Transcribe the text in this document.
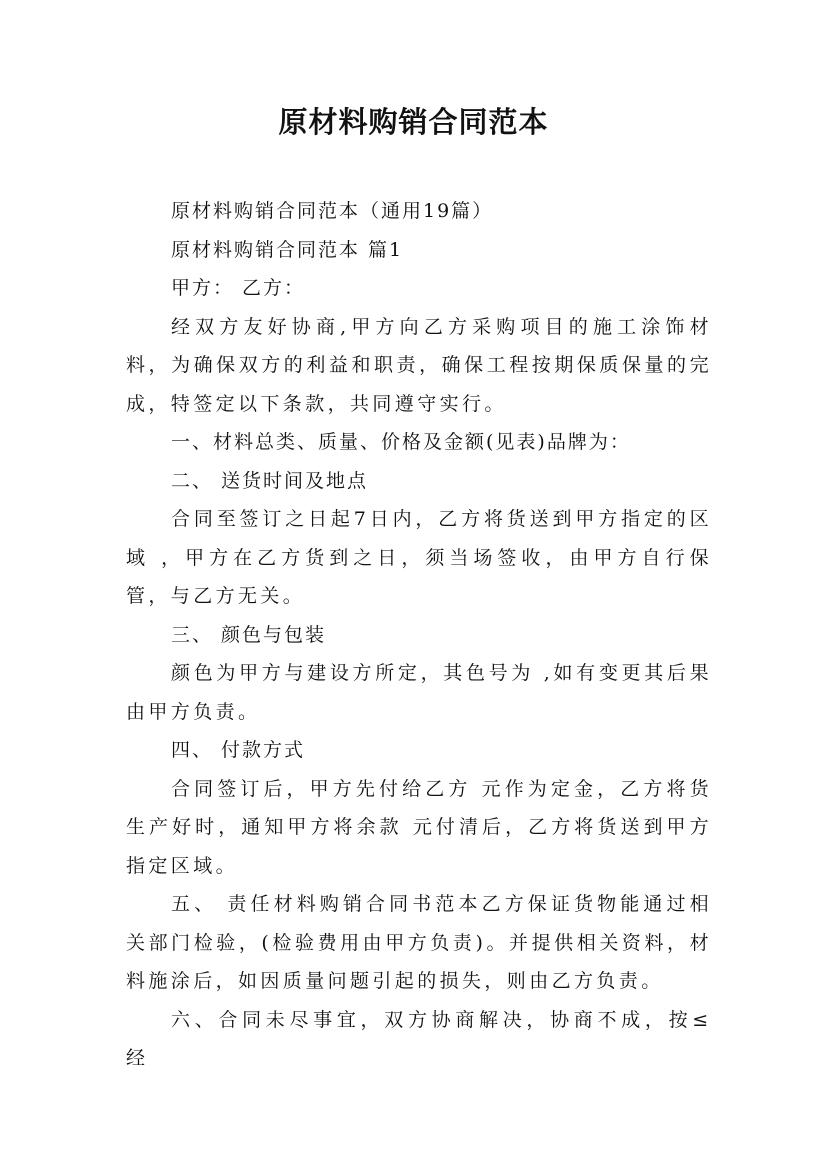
原材料购销合同范本

原材料购销合同范本（通用19篇）

原材料购销合同范本 篇1

甲方： 乙方：

经双方友好协商,甲方向乙方采购项目的施工涂饰材料，为确保双方的利益和职责，确保工程按期保质保量的完成，特签定以下条款，共同遵守实行。

一、材料总类、质量、价格及金额(见表)品牌为：

二、 送货时间及地点

合同至签订之日起7日内，乙方将货送到甲方指定的区域 ，甲方在乙方货到之日，须当场签收，由甲方自行保管，与乙方无关。

三、 颜色与包装

颜色为甲方与建设方所定，其色号为 ,如有变更其后果由甲方负责。

四、 付款方式

合同签订后，甲方先付给乙方 元作为定金，乙方将货生产好时，通知甲方将余款 元付清后，乙方将货送到甲方指定区域。

五、 责任材料购销合同书范本乙方保证货物能通过相关部门检验，(检验费用由甲方负责)。并提供相关资料，材料施涂后，如因质量问题引起的损失，则由乙方负责。

六、合同未尽事宜，双方协商解决，协商不成，按≤经
